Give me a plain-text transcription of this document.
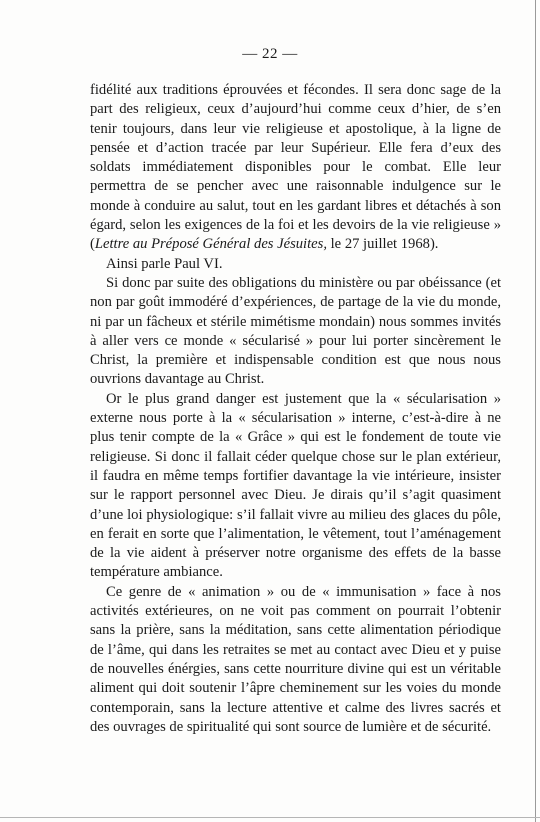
— 22 —

fidélité aux traditions éprouvées et fécondes. Il sera donc sage de la part des religieux, ceux d’aujourd’hui comme ceux d’hier, de s’en tenir toujours, dans leur vie religieuse et apostolique, à la ligne de pensée et d’action tracée par leur Supérieur. Elle fera d’eux des soldats immédiatement disponibles pour le combat. Elle leur permettra de se pencher avec une raisonnable indulgence sur le monde à conduire au salut, tout en les gardant libres et détachés à son égard, selon les exigences de la foi et les devoirs de la vie religieuse » (Lettre au Préposé Général des Jésuites, le 27 juillet 1968).

Ainsi parle Paul VI.

Si donc par suite des obligations du ministère ou par obéissance (et non par goût immodéré d’expériences, de partage de la vie du monde, ni par un fâcheux et stérile mimétisme mondain) nous sommes invités à aller vers ce monde « sécularisé » pour lui porter sincèrement le Christ, la première et indispensable condition est que nous nous ouvrions davantage au Christ.

Or le plus grand danger est justement que la « sécularisation » externe nous porte à la « sécularisation » interne, c’est-à-dire à ne plus tenir compte de la « Grâce » qui est le fondement de toute vie religieuse. Si donc il fallait céder quelque chose sur le plan extérieur, il faudra en même temps fortifier davantage la vie intérieure, insister sur le rapport personnel avec Dieu. Je dirais qu’il s’agit quasiment d’une loi physiologique: s’il fallait vivre au milieu des glaces du pôle, en ferait en sorte que l’alimentation, le vêtement, tout l’aménagement de la vie aident à préserver notre organisme des effets de la basse température ambiance.

Ce genre de « animation » ou de « immunisation » face à nos activités extérieures, on ne voit pas comment on pourrait l’obtenir sans la prière, sans la méditation, sans cette alimentation périodique de l’âme, qui dans les retraites se met au contact avec Dieu et y puise de nouvelles énérgies, sans cette nourriture divine qui est un véritable aliment qui doit soutenir l’âpre cheminement sur les voies du monde contemporain, sans la lecture attentive et calme des livres sacrés et des ouvrages de spiritualité qui sont source de lumière et de sécurité.
